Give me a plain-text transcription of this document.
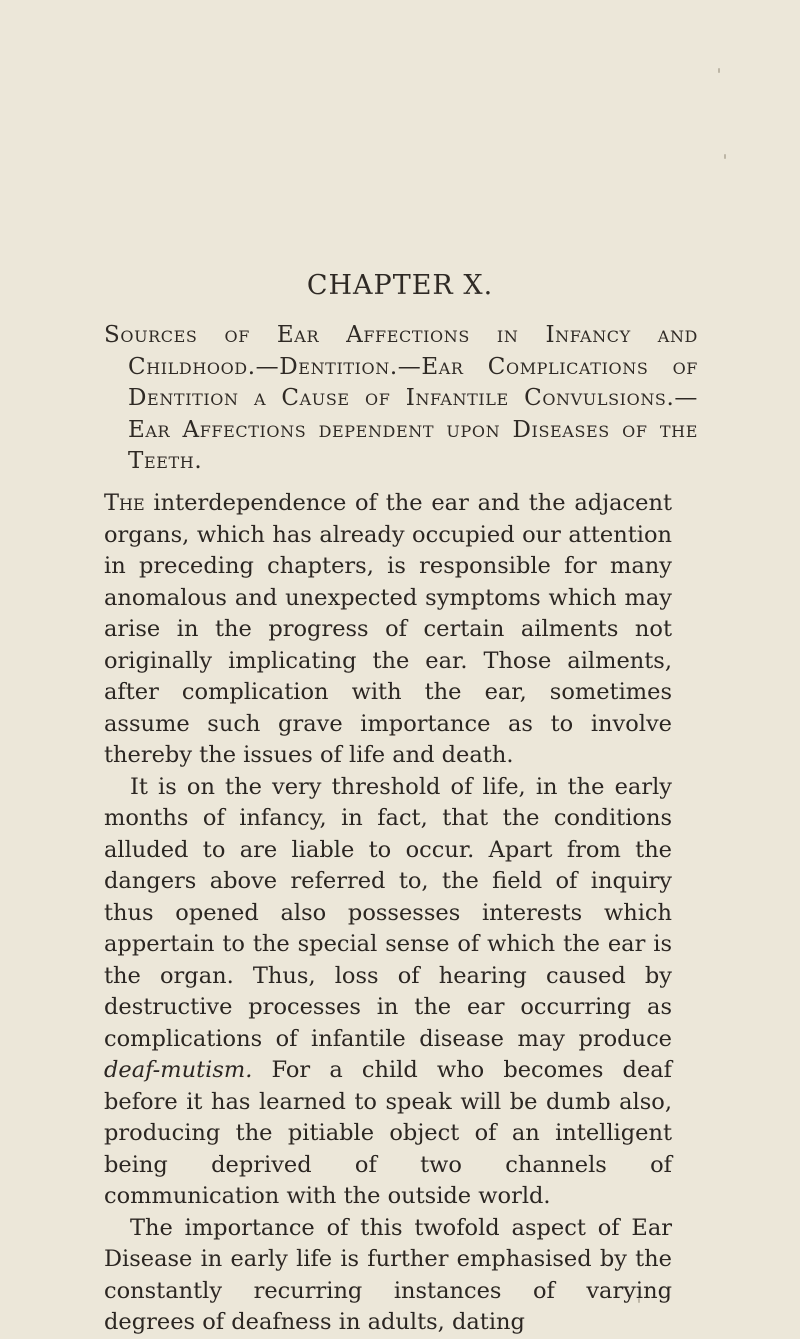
CHAPTER X.
Sources of Ear Affections in Infancy and Childhood.—Dentition.—Ear Complications of Dentition a Cause of Infantile Convulsions.—Ear Affections dependent upon Diseases of the Teeth.

The interdependence of the ear and the adjacent organs, which has already occupied our attention in preceding chapters, is responsible for many anomalous and unexpected symptoms which may arise in the progress of certain ailments not originally implicating the ear. Those ailments, after complication with the ear, sometimes assume such grave importance as to involve thereby the issues of life and death.

It is on the very threshold of life, in the early months of infancy, in fact, that the conditions alluded to are liable to occur. Apart from the dangers above referred to, the field of inquiry thus opened also possesses interests which appertain to the special sense of which the ear is the organ. Thus, loss of hearing caused by destructive processes in the ear occurring as complications of infantile disease may produce deaf-mutism. For a child who becomes deaf before it has learned to speak will be dumb also, producing the pitiable object of an intelligent being deprived of two channels of communication with the outside world.

The importance of this twofold aspect of Ear Disease in early life is further emphasised by the constantly recurring instances of varying degrees of deafness in adults, dating
